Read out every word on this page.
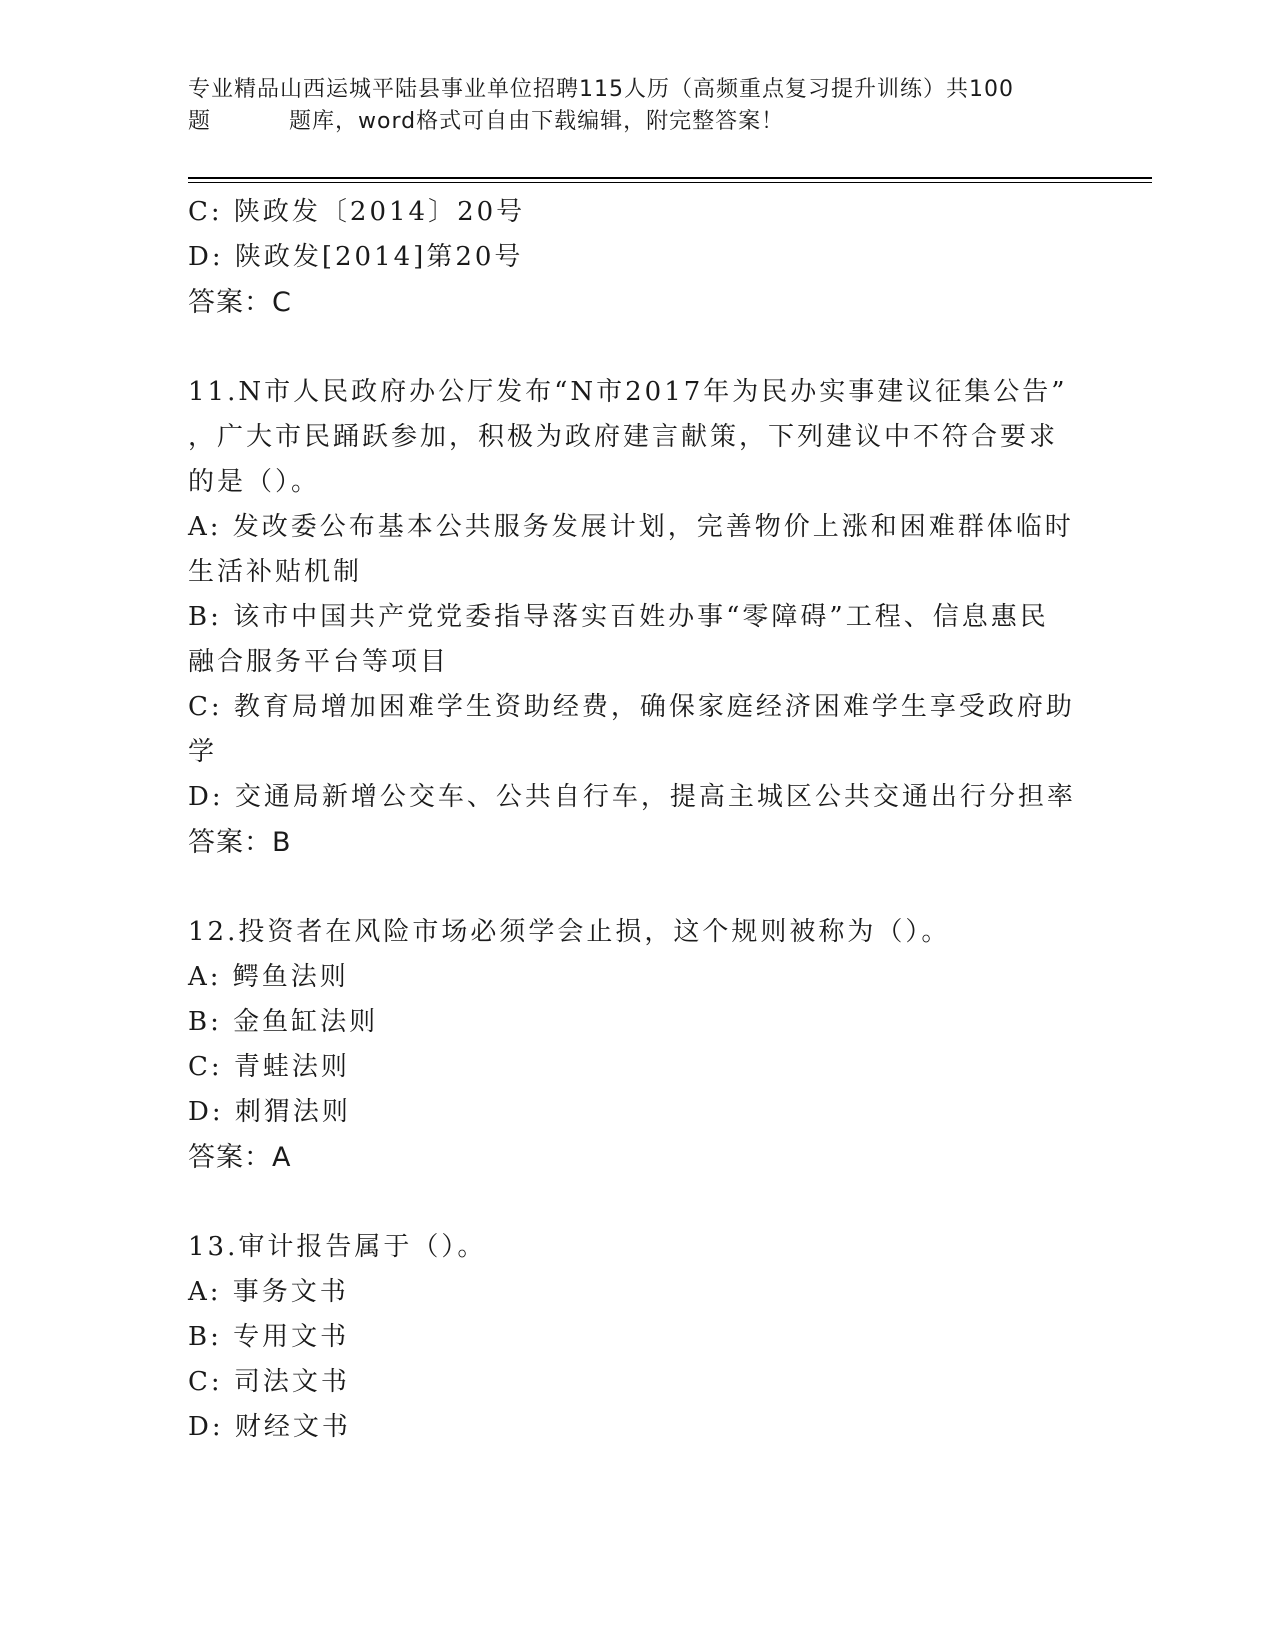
专业精品山西运城平陆县事业单位招聘115人历（高频重点复习提升训练）共100
题	题库，word格式可自由下载编辑，附完整答案！
C: 陕政发〔2014〕20号
D: 陕政发[2014]第20号
答案：C
11.N市人民政府办公厅发布“N市2017年为民办实事建议征集公告”
，广大市民踊跃参加，积极为政府建言献策，下列建议中不符合要求
的是（）。
A: 发改委公布基本公共服务发展计划，完善物价上涨和困难群体临时
生活补贴机制
B: 该市中国共产党党委指导落实百姓办事“零障碍”工程、信息惠民
融合服务平台等项目
C: 教育局增加困难学生资助经费，确保家庭经济困难学生享受政府助
学
D: 交通局新增公交车、公共自行车，提高主城区公共交通出行分担率
答案：B
12.投资者在风险市场必须学会止损，这个规则被称为（）。
A: 鳄鱼法则
B: 金鱼缸法则
C: 青蛙法则
D: 刺猬法则
答案：A
13.审计报告属于（）。
A: 事务文书
B: 专用文书
C: 司法文书
D: 财经文书
